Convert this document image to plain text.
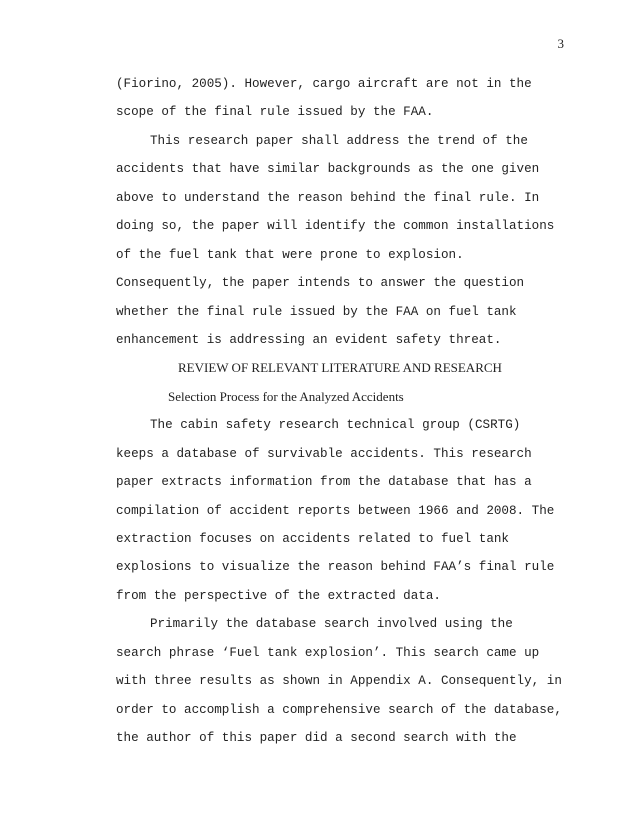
3
(Fiorino, 2005). However, cargo aircraft are not in the
scope of the final rule issued by the FAA.
This research paper shall address the trend of the
accidents that have similar backgrounds as the one given
above to understand the reason behind the final rule. In
doing so, the paper will identify the common installations
of the fuel tank that were prone to explosion.
Consequently, the paper intends to answer the question
whether the final rule issued by the FAA on fuel tank
enhancement is addressing an evident safety threat.
REVIEW OF RELEVANT LITERATURE AND RESEARCH
Selection Process for the Analyzed Accidents
The cabin safety research technical group (CSRTG)
keeps a database of survivable accidents. This research
paper extracts information from the database that has a
compilation of accident reports between 1966 and 2008. The
extraction focuses on accidents related to fuel tank
explosions to visualize the reason behind FAA’s final rule
from the perspective of the extracted data.
Primarily the database search involved using the
search phrase ‘Fuel tank explosion’. This search came up
with three results as shown in Appendix A. Consequently, in
order to accomplish a comprehensive search of the database,
the author of this paper did a second search with the
